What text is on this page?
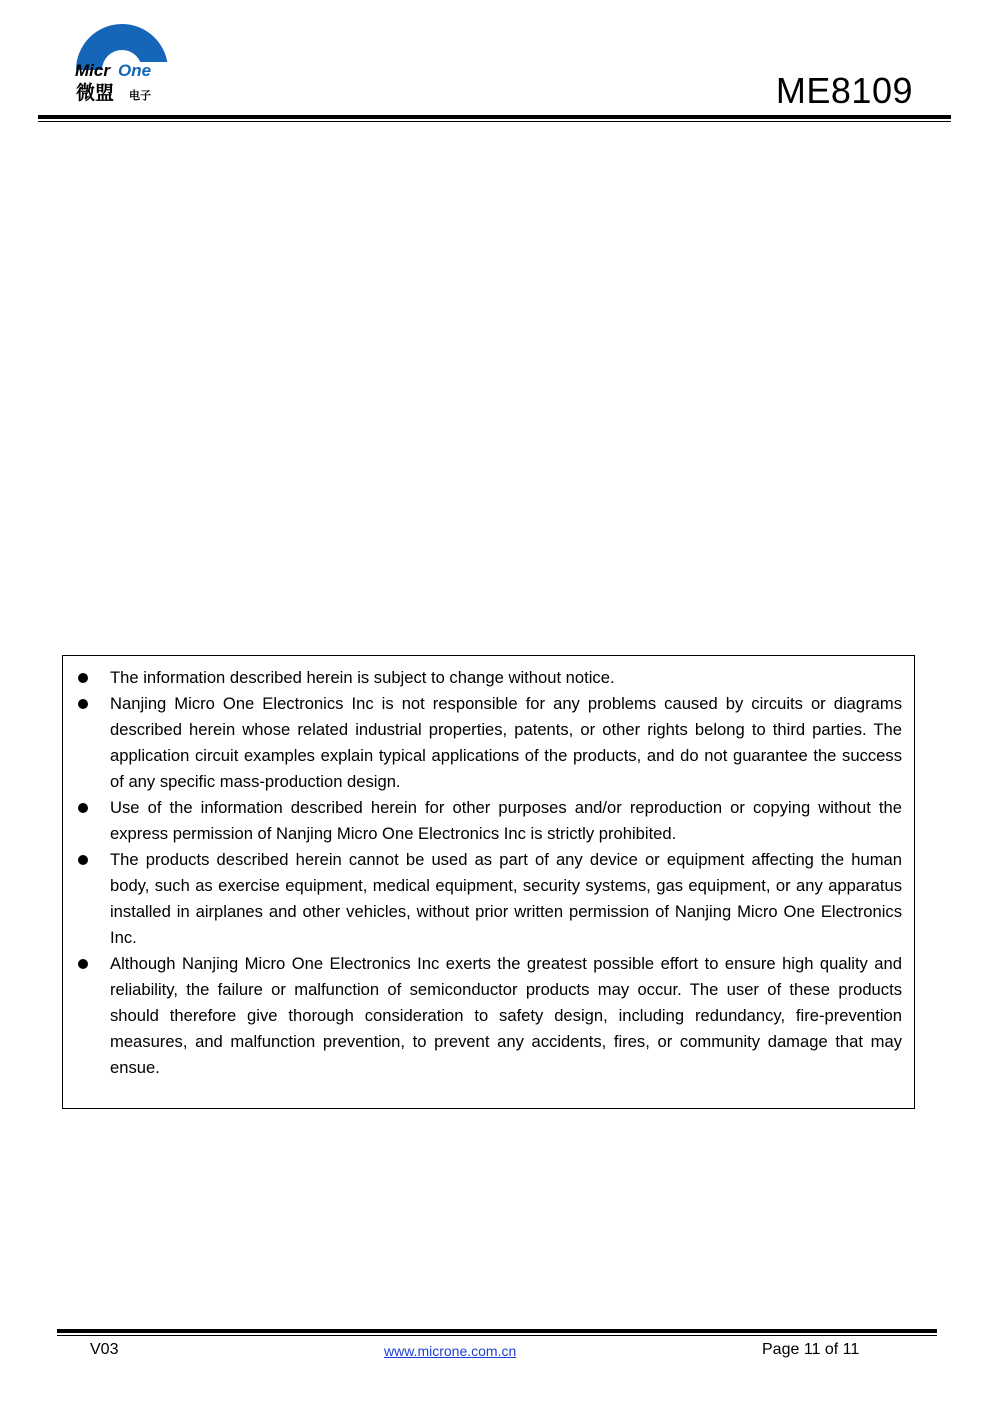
Micr One
微盟 电子	ME8109
The information described herein is subject to change without notice.
Nanjing Micro One Electronics Inc is not responsible for any problems caused by circuits or diagrams described herein whose related industrial properties, patents, or other rights belong to third parties. The application circuit examples explain typical applications of the products, and do not guarantee the success of any specific mass-production design.
Use of the information described herein for other purposes and/or reproduction or copying without the express permission of Nanjing Micro One Electronics Inc is strictly prohibited.
The products described herein cannot be used as part of any device or equipment affecting the human body, such as exercise equipment, medical equipment, security systems, gas equipment, or any apparatus installed in airplanes and other vehicles, without prior written permission of Nanjing Micro One Electronics Inc.
Although Nanjing Micro One Electronics Inc exerts the greatest possible effort to ensure high quality and reliability, the failure or malfunction of semiconductor products may occur. The user of these products should therefore give thorough consideration to safety design, including redundancy, fire-prevention measures, and malfunction prevention, to prevent any accidents, fires, or community damage that may ensue.
V03	www.microne.com.cn	Page 11 of 11
